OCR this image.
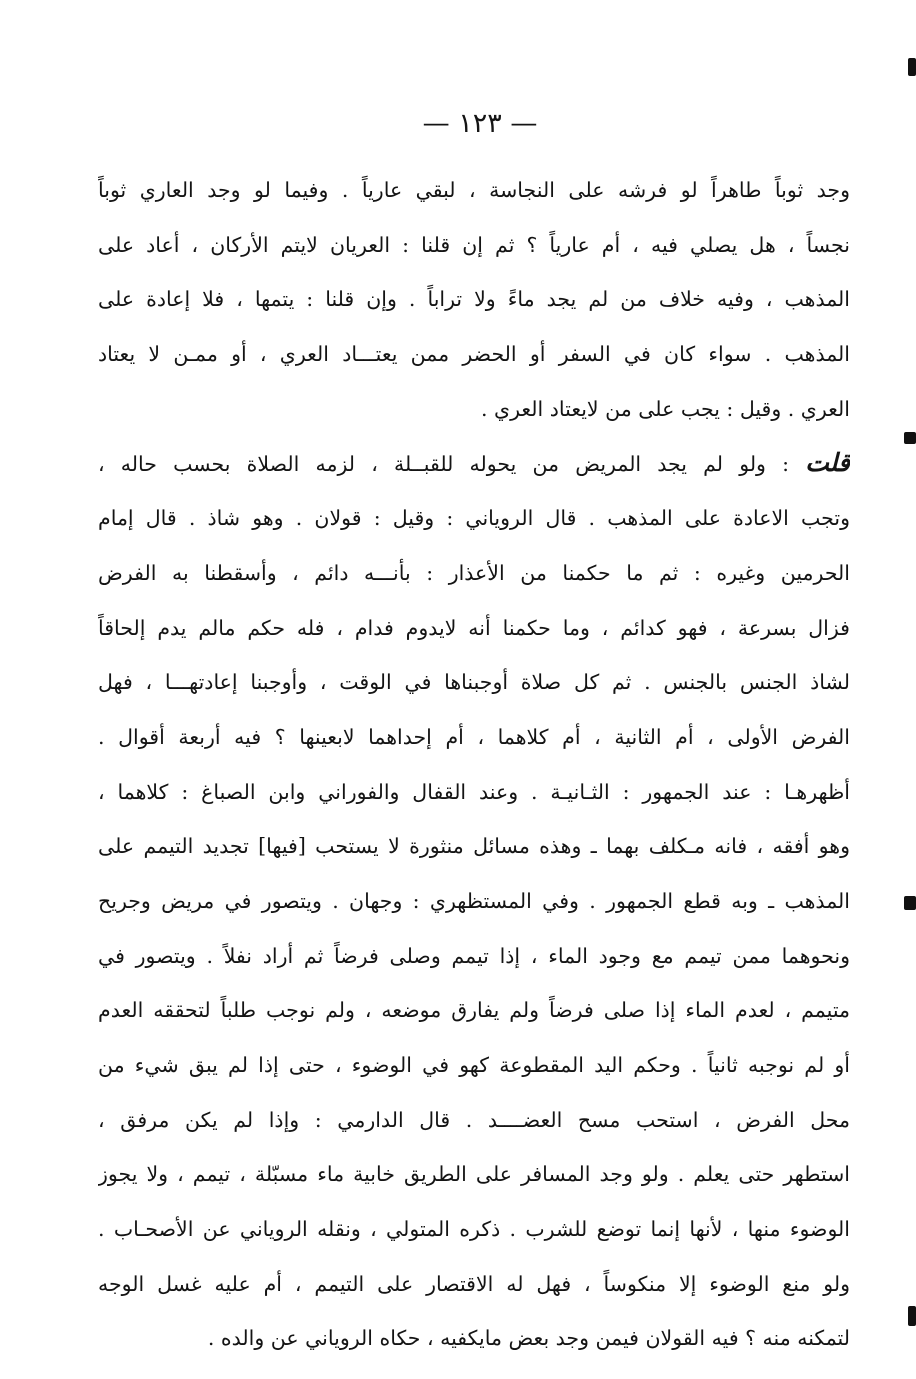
— ١٢٣ —
وجد ثوباً طاهراً لو فرشه على النجاسة ، لبقي عارياً . وفيما لو وجد العاري ثوباً
نجساً ، هل يصلي فيه ، أم عارياً ؟ ثم إن قلنا : العريان لايتم الأركان ، أعاد على
المذهب ، وفيه خلاف من لم يجد ماءً ولا تراباً . وإن قلنا : يتمها ، فلا إعادة على
المذهب . سواء كان في السفر أو الحضر ممن يعتـــاد العري ، أو ممـن لا يعتاد
العري . وقيل : يجب على من لايعتاد العري .
قلت : ولو لم يجد المريض من يحوله للقبــلة ، لزمه الصلاة بحسب حاله ،
وتجب الاعادة على المذهب . قال الروياني : وقيل : قولان . وهو شاذ . قال إمام
الحرمين وغيره : ثم ما حكمنا من الأعذار : بأنـــه دائم ، وأسقطنا به الفرض
فزال بسرعة ، فهو كدائم ، وما حكمنا أنه لايدوم فدام ، فله حكم مالم يدم إلحاقاً
لشاذ الجنس بالجنس . ثم كل صلاة أوجبناها في الوقت ، وأوجبنا إعادتهـــا ، فهل
الفرض الأولى ، أم الثانية ، أم كلاهما ، أم إحداهما لابعينها ؟ فيه أربعة أقوال .
أظهرهـا : عند الجمهور : الثـانيـة . وعند القفال والفوراني وابن الصباغ : كلاهما ،
وهو أفقه ، فانه مـكلف بهما ـ وهذه مسائل منثورة لا يستحب [فيها] تجديد التيمم على
المذهب ـ وبه قطع الجمهور . وفي المستظهري : وجهان . ويتصور في مريض وجريح
ونحوهما ممن تيمم مع وجود الماء ، إذا تيمم وصلى فرضاً ثم أراد نفلاً . ويتصور في
متيمم ، لعدم الماء إذا صلى فرضاً ولم يفارق موضعه ، ولم نوجب طلباً لتحققه العدم
أو لم نوجبه ثانياً . وحكم اليد المقطوعة كهو في الوضوء ، حتى إذا لم يبق شيء من
محل الفرض ، استحب مسح العضــــد . قال الدارمي : وإذا لم يكن مرفق ،
استطهر حتى يعلم . ولو وجد المسافر على الطريق خابية ماء مسبّلة ، تيمم ، ولا يجوز
الوضوء منها ، لأنها إنما توضع للشرب . ذكره المتولي ، ونقله الروياني عن الأصحـاب .
ولو منع الوضوء إلا منكوساً ، فهل له الاقتصار على التيمم ، أم عليه غسل الوجه
لتمكنه منه ؟ فيه القولان فيمن وجد بعض مايكفيه ، حكاه الروياني عن والده .
